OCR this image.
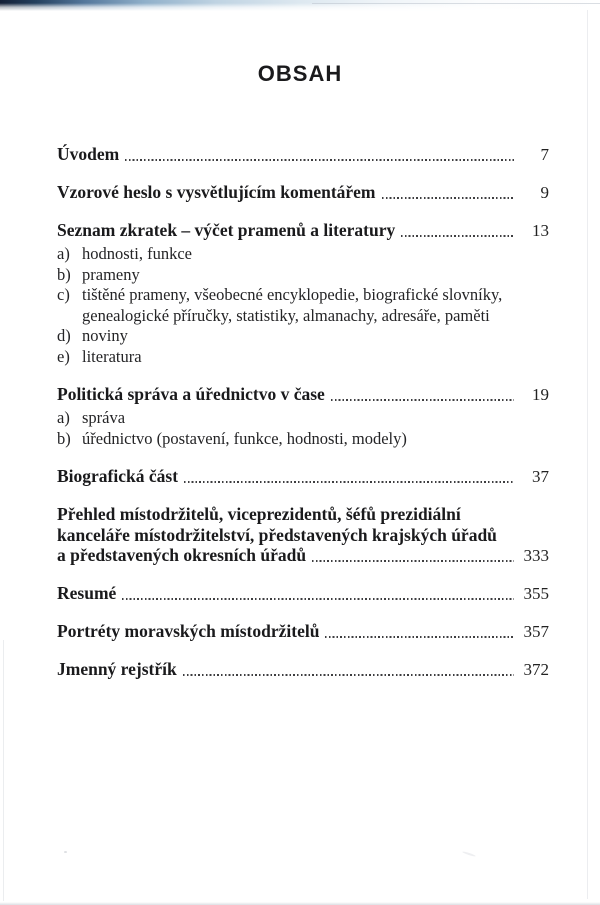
OBSAH
Úvodem	7
Vzorové heslo s vysvětlujícím komentářem	9
Seznam zkratek – výčet pramenů a literatury	13
a) hodnosti, funkce
b) prameny
c) tištěné prameny, všeobecné encyklopedie, biografické slovníky, genealogické příručky, statistiky, almanachy, adresáře, paměti
d) noviny
e) literatura
Politická správa a úřednictvo v čase	19
a) správa
b) úřednictvo (postavení, funkce, hodnosti, modely)
Biografická část	37
Přehled místodržitelů, viceprezidentů, šéfů prezidiální
kanceláře místodržitelství, představených krajských úřadů
a představených okresních úřadů	333
Resumé	355
Portréty moravských místodržitelů	357
Jmenný rejstřík	372
